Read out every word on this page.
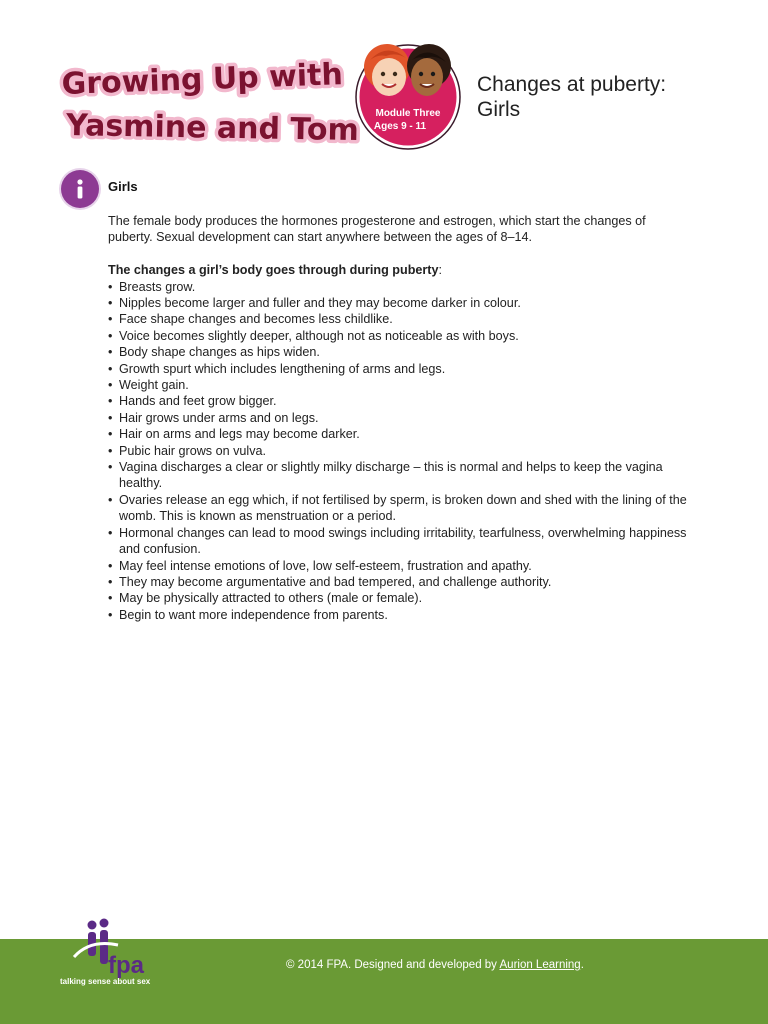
Growing Up with
Yasmine and Tom Module Three
Ages 9 - 11
Changes at puberty:
Girls
Girls

The female body produces the hormones progesterone and estrogen, which start the changes of puberty. Sexual development can start anywhere between the ages of 8–14.

The changes a girl’s body goes through during puberty:
• Breasts grow.
• Nipples become larger and fuller and they may become darker in colour.
• Face shape changes and becomes less childlike.
• Voice becomes slightly deeper, although not as noticeable as with boys.
• Body shape changes as hips widen.
• Growth spurt which includes lengthening of arms and legs.
• Weight gain.
• Hands and feet grow bigger.
• Hair grows under arms and on legs.
• Hair on arms and legs may become darker.
• Pubic hair grows on vulva.
• Vagina discharges a clear or slightly milky discharge – this is normal and helps to keep the vagina healthy.
• Ovaries release an egg which, if not fertilised by sperm, is broken down and shed with the lining of the womb. This is known as menstruation or a period.
• Hormonal changes can lead to mood swings including irritability, tearfulness, overwhelming happiness and confusion.
• May feel intense emotions of love, low self-esteem, frustration and apathy.
• They may become argumentative and bad tempered, and challenge authority.
• May be physically attracted to others (male or female).
• Begin to want more independence from parents.
fpa
talking sense about sex
© 2014 FPA. Designed and developed by Aurion Learning.
